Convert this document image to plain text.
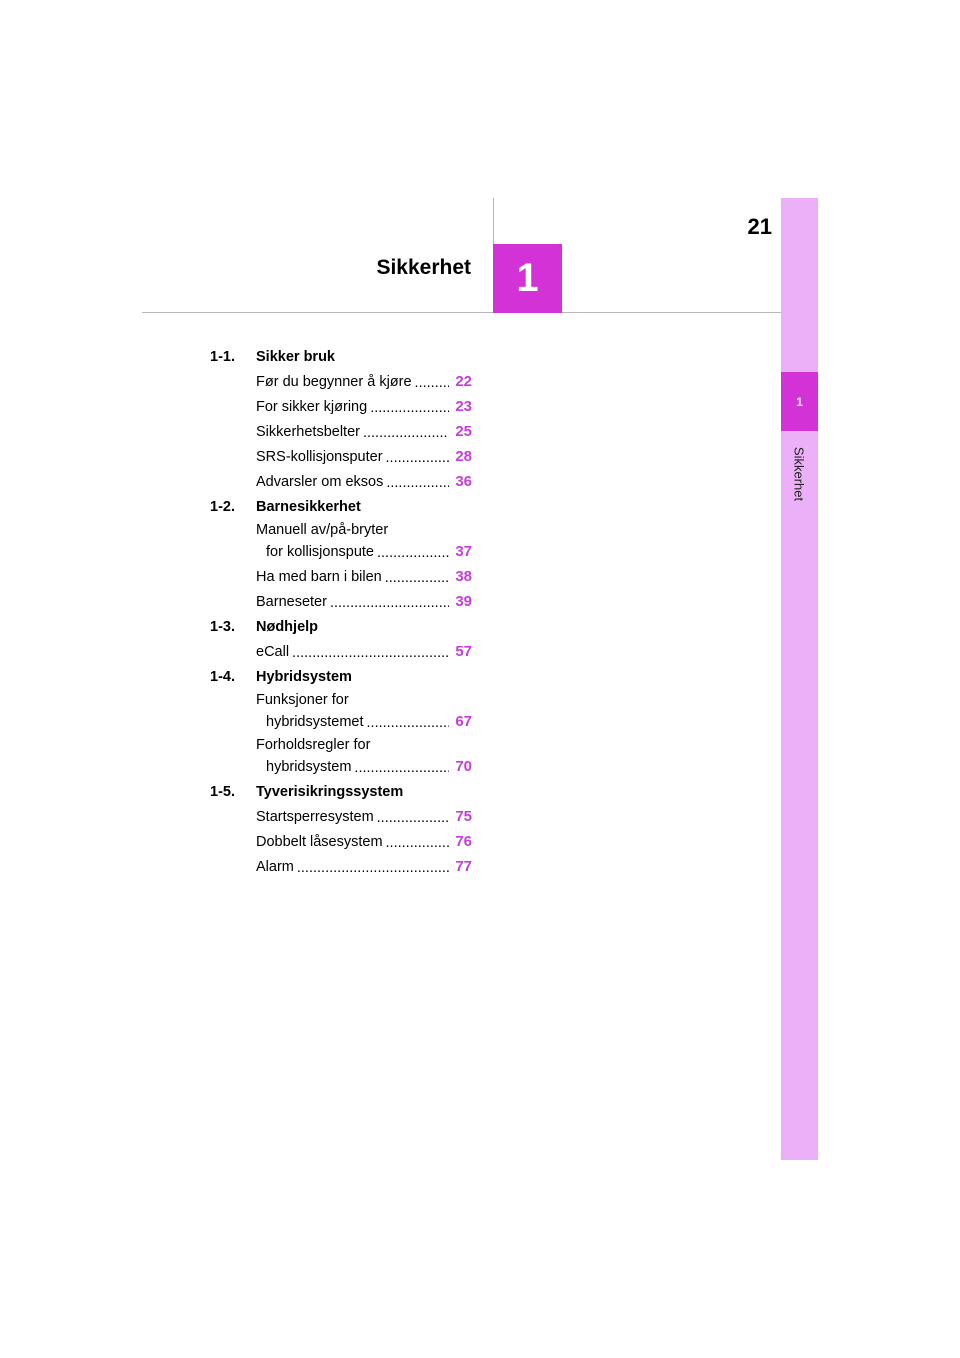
21
Sikkerhet 1
1
Sikkerhet
1-1.	Sikker bruk
Før du begynner å kjøre .....	22
For sikker kjøring .....	23
Sikkerhetsbelter .....	25
SRS-kollisjonsputer .....	28
Advarsler om eksos .....	36
1-2.	Barnesikkerhet
Manuell av/på-bryter
for kollisjonspute .....	37
Ha med barn i bilen .....	38
Barneseter .....	39
1-3.	Nødhjelp
eCall .....	57
1-4.	Hybridsystem
Funksjoner for
hybridsystemet .....	67
Forholdsregler for
hybridsystem .....	70
1-5.	Tyverisikringssystem
Startsperresystem .....	75
Dobbelt låsesystem .....	76
Alarm .....	77
